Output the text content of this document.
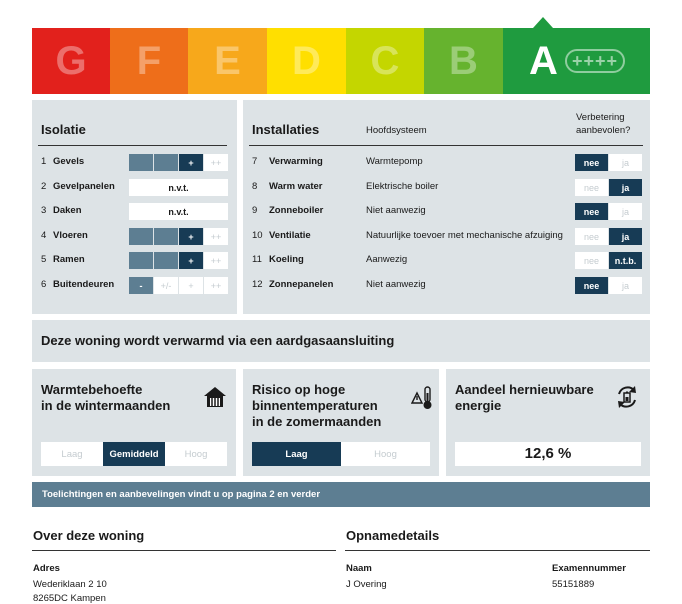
G F E D C B A ++++
Isolatie
1 Gevels	+	++
2 Gevelpanelen	n.v.t.
3 Daken	n.v.t.
4 Vloeren	+	++
5 Ramen	+	++
6 Buitendeuren	-	+/-	+	++
Installaties	Hoofdsysteem
Verbetering
aanbevolen?
7 Verwarming	Warmtepomp	nee	ja
8 Warm water	Elektrische boiler	nee	ja
9 Zonneboiler	Niet aanwezig	nee	ja
10 Ventilatie	Natuurlijke toevoer met mechanische afzuiging	nee	ja
11 Koeling	Aanwezig	nee	n.t.b.
12 Zonnepanelen	Niet aanwezig	nee	ja
Deze woning wordt verwarmd via een aardgasaansluiting
Warmtebehoefte
in de wintermaanden
Laag	Gemiddeld	Hoog
Risico op hoge
binnentemperaturen
in de zomermaanden
Laag	Hoog
Aandeel hernieuwbare
energie
12,6 %
Toelichtingen en aanbevelingen vindt u op pagina 2 en verder
Over deze woning
Adres
Wederiklaan 2 10
8265DC Kampen
Opnamedetails
Naam
J Overing
Examennummer
55151889
